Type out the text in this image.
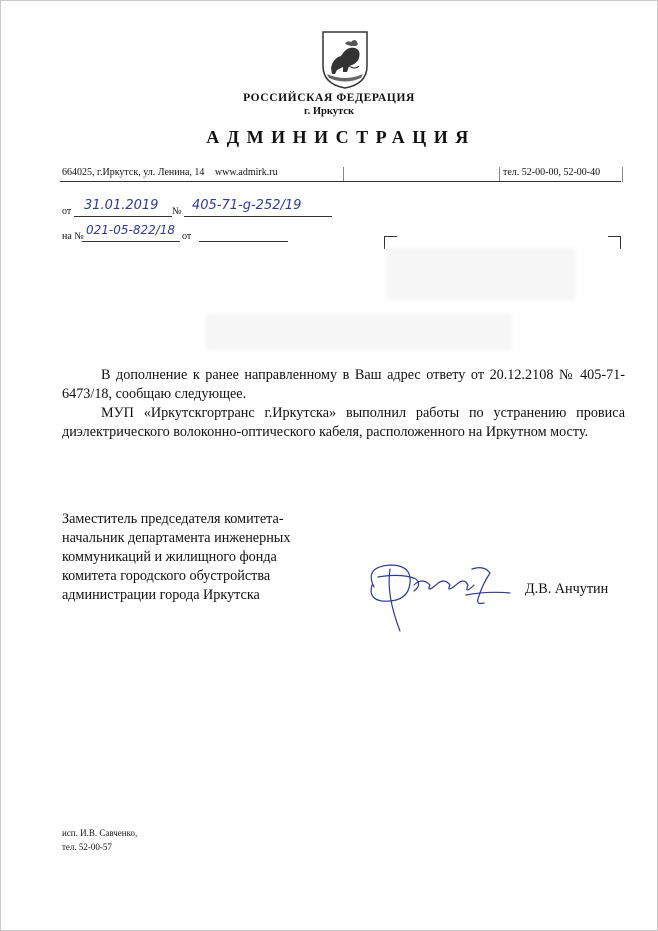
РОССИЙСКАЯ ФЕДЕРАЦИЯ
г. Иркутск
АДМИНИСТРАЦИЯ
664025, г.Иркутск, ул. Ленина, 14 www.admirk.ru	тел. 52-00-00, 52-00-40
от 31.01.2019 № 405-71-g-252/19
на № 021-05-822/18 от

В дополнение к ранее направленному в Ваш адрес ответу от 20.12.2108 № 405-71-6473/18, сообщаю следующее.

МУП «Иркутскгортранс г.Иркутска» выполнил работы по устранению провиса диэлектрического волоконно-оптического кабеля, расположенного на Иркутном мосту.

Заместитель председателя комитета-
начальник департамента инженерных
коммуникаций и жилищного фонда
комитета городского обустройства
администрации города Иркутска	Д.В. Анчутин
исп. И.В. Савченко,
тел. 52-00-57
